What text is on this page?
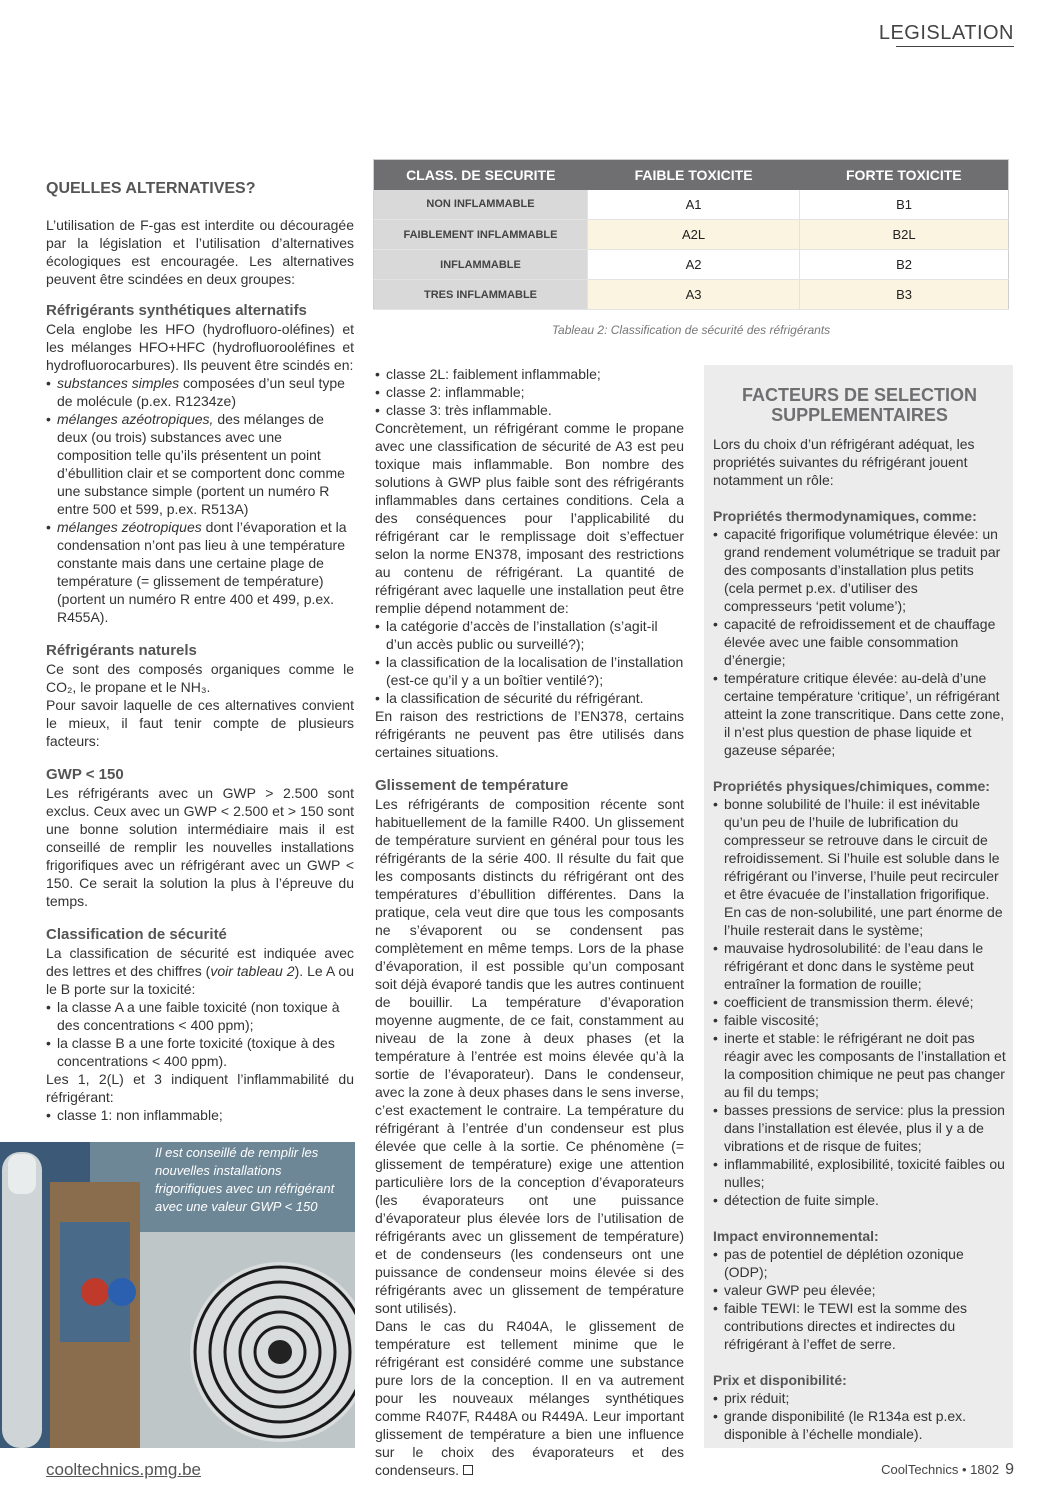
LEGISLATION
QUELLES ALTERNATIVES?

L’utilisation de F-gas est interdite ou découragée par la législation et l’utilisation d’alternatives écologiques est encouragée. Les alternatives peuvent être scindées en deux groupes:

Réfrigérants synthétiques alternatifs

Cela englobe les HFO (hydrofluoro-oléfines) et les mélanges HFO+HFC (hydrofluorooléfines et hydrofluorocarbures). Ils peuvent être scindés en:

• substances simples composées d’un seul type de molécule (p.ex. R1234ze)
• mélanges azéotropiques, des mélanges de deux (ou trois) substances avec une composition telle qu’ils présentent un point d’ébullition clair et se comportent donc comme une substance simple (portent un numéro R entre 500 et 599, p.ex. R513A)
• mélanges zéotropiques dont l’évaporation et la condensation n’ont pas lieu à une température constante mais dans une certaine plage de température (= glissement de température) (portent un numéro R entre 400 et 499, p.ex. R455A).
Réfrigérants naturels

Ce sont des composés organiques comme le CO₂, le propane et le NH₃.

Pour savoir laquelle de ces alternatives convient le mieux, il faut tenir compte de plusieurs facteurs:

GWP < 150

Les réfrigérants avec un GWP > 2.500 sont exclus. Ceux avec un GWP < 2.500 et > 150 sont une bonne solution intermédiaire mais il est conseillé de remplir les nouvelles installations frigorifiques avec un réfrigérant avec un GWP < 150. Ce serait la solution la plus à l’épreuve du temps.

Classification de sécurité

La classification de sécurité est indiquée avec des lettres et des chiffres (voir tableau 2). Le A ou le B porte sur la toxicité:

• la classe A a une faible toxicité (non toxique à des concentrations < 400 ppm);
• la classe B a une forte toxicité (toxique à des concentrations < 400 ppm).

Les 1, 2(L) et 3 indiquent l’inflammabilité du réfrigérant:

• classe 1: non inflammable;
Il est conseillé de remplir les nouvelles installations frigorifiques avec un réfrigérant avec une valeur GWP < 150
CLASS. DE SECURITE	FAIBLE TOXICITE	FORTE TOXICITE
NON INFLAMMABLE	A1	B1
FAIBLEMENT INFLAMMABLE	A2L	B2L
INFLAMMABLE	A2	B2
TRES INFLAMMABLE	A3	B3
Tableau 2: Classification de sécurité des réfrigérants
• classe 2L: faiblement inflammable;
• classe 2: inflammable;
• classe 3: très inflammable.

Concrètement, un réfrigérant comme le propane avec une classification de sécurité de A3 est peu toxique mais inflammable. Bon nombre des solutions à GWP plus faible sont des réfrigérants inflammables dans certaines conditions. Cela a des conséquences pour l’applicabilité du réfrigérant car le remplissage doit s’effectuer selon la norme EN378, imposant des restrictions au contenu de réfrigérant. La quantité de réfrigérant avec laquelle une installation peut être remplie dépend notamment de:

• la catégorie d’accès de l’installation (s’agit-il d’un accès public ou surveillé?);
• la classification de la localisation de l’installation (est-ce qu’il y a un boîtier ventilé?);
• la classification de sécurité du réfrigérant.

En raison des restrictions de l’EN378, certains réfrigérants ne peuvent pas être utilisés dans certaines situations.

Glissement de température

Les réfrigérants de composition récente sont habituellement de la famille R400. Un glissement de température survient en général pour tous les réfrigérants de la série 400. Il résulte du fait que les composants distincts du réfrigérant ont des températures d’ébullition différentes. Dans la pratique, cela veut dire que tous les composants ne s’évaporent ou se condensent pas complètement en même temps. Lors de la phase d’évaporation, il est possible qu’un composant soit déjà évaporé tandis que les autres continuent de bouillir. La température d’évaporation moyenne augmente, de ce fait, constamment au niveau de la zone à deux phases (et la température à l’entrée est moins élevée qu’à la sortie de l’évaporateur). Dans le condenseur, avec la zone à deux phases dans le sens inverse, c’est exactement le contraire. La température du réfrigérant à l’entrée d’un condenseur est plus élevée que celle à la sortie. Ce phénomène (= glissement de température) exige une attention particulière lors de la conception d’évaporateurs (les évaporateurs ont une puissance d’évaporateur plus élevée lors de l’utilisation de réfrigérants avec un glissement de température) et de condenseurs (les condenseurs ont une puissance de condenseur moins élevée si des réfrigérants avec un glissement de température sont utilisés).

Dans le cas du R404A, le glissement de température est tellement minime que le réfrigérant est considéré comme une substance pure lors de la conception. Il en va autrement pour les nouveaux mélanges synthétiques comme R407F, R448A ou R449A. Leur important glissement de température a bien une influence sur le choix des évaporateurs et des condenseurs.

FACTEURS DE SELECTION SUPPLEMENTAIRES

Lors du choix d’un réfrigérant adéquat, les propriétés suivantes du réfrigérant jouent notamment un rôle:

Propriétés thermodynamiques, comme:
• capacité frigorifique volumétrique élevée: un grand rendement volumétrique se traduit par des composants d’installation plus petits (cela permet p.ex. d’utiliser des compresseurs ‘petit volume’);
• capacité de refroidissement et de chauffage élevée avec une faible consommation d’énergie;
• température critique élevée: au-delà d’une certaine température ‘critique’, un réfrigérant atteint la zone transcritique. Dans cette zone, il n’est plus question de phase liquide et gazeuse séparée;
Propriétés physiques/chimiques, comme:
• bonne solubilité de l’huile: il est inévitable qu’un peu de l’huile de lubrification du compresseur se retrouve dans le circuit de refroidissement. Si l’huile est soluble dans le réfrigérant ou l’inverse, l’huile peut recirculer et être évacuée de l’installation frigorifique. En cas de non-solubilité, une part énorme de l’huile resterait dans le système;
• mauvaise hydrosolubilité: de l’eau dans le réfrigérant et donc dans le système peut entraîner la formation de rouille;
• coefficient de transmission therm. élevé;
• faible viscosité;
• inerte et stable: le réfrigérant ne doit pas réagir avec les composants de l’installation et la composition chimique ne peut pas changer au fil du temps;
• basses pressions de service: plus la pression dans l’installation est élevée, plus il y a de vibrations et de risque de fuites;
• inflammabilité, explosibilité, toxicité faibles ou nulles;
• détection de fuite simple.
Impact environnemental:
• pas de potentiel de déplétion ozonique (ODP);
• valeur GWP peu élevée;
• faible TEWI: le TEWI est la somme des contributions directes et indirectes du réfrigérant à l’effet de serre.
Prix et disponibilité:
• prix réduit;
• grande disponibilité (le R134a est p.ex. disponible à l’échelle mondiale).
cooltechnics.pmg.be	CoolTechnics • 1802 9
